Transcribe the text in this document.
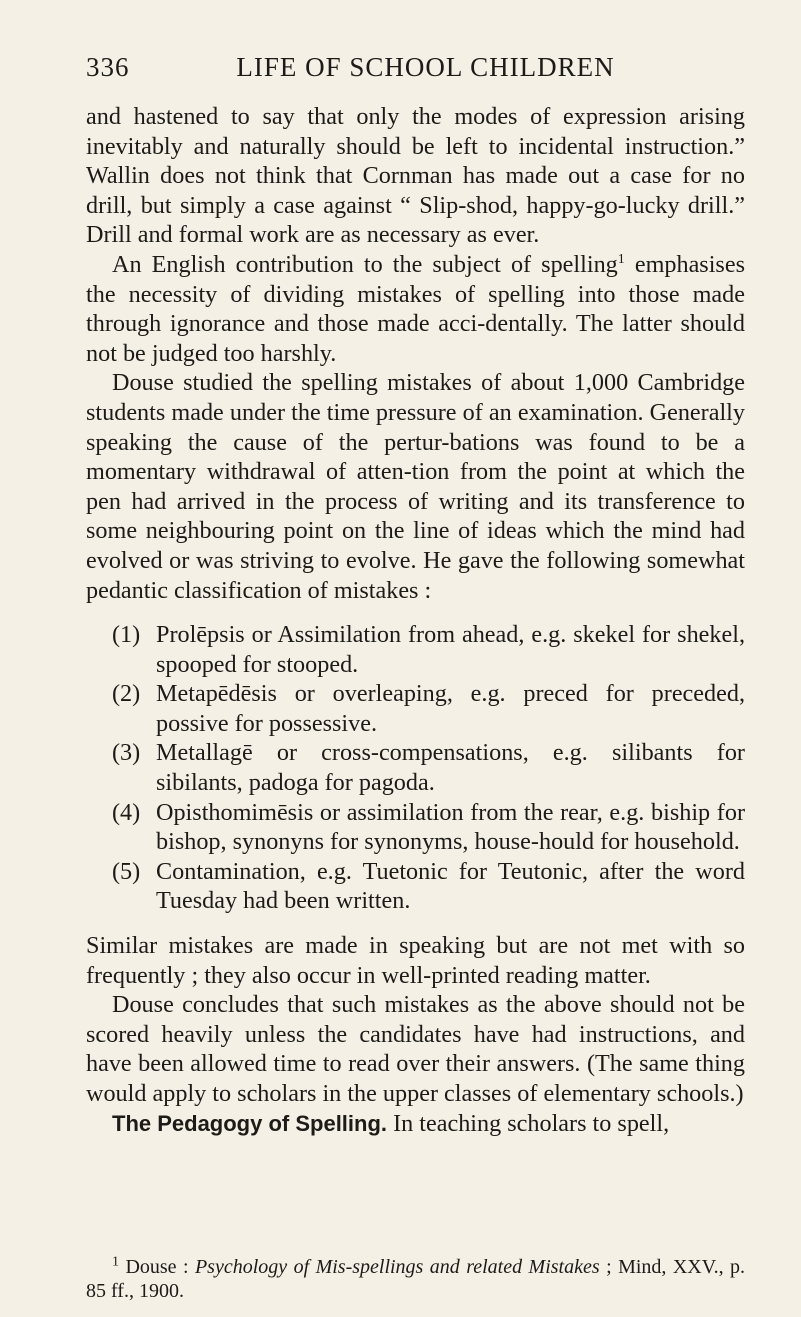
336	LIFE OF SCHOOL CHILDREN

and hastened to say that only the modes of expression arising inevitably and naturally should be left to incidental instruction.” Wallin does not think that Cornman has made out a case for no drill, but simply a case against “ Slip-shod, happy-go-lucky drill.” Drill and formal work are as necessary as ever.

An English contribution to the subject of spelling$^1$ emphasises the necessity of dividing mistakes of spelling into those made through ignorance and those made acci-dentally. The latter should not be judged too harshly.

Douse studied the spelling mistakes of about 1,000 Cambridge students made under the time pressure of an examination. Generally speaking the cause of the pertur-bations was found to be a momentary withdrawal of atten-tion from the point at which the pen had arrived in the process of writing and its transference to some neighbouring point on the line of ideas which the mind had evolved or was striving to evolve. He gave the following somewhat pedantic classification of mistakes :

(1) Prolēpsis or Assimilation from ahead, e.g. skekel for shekel, spooped for stooped.
(2) Metapēdēsis or overleaping, e.g. preced for preceded, possive for possessive.
(3) Metallagē or cross-compensations, e.g. silibants for sibilants, padoga for pagoda.
(4) Opisthomimēsis or assimilation from the rear, e.g. biship for bishop, synonyns for synonyms, house-hould for household.
(5) Contamination, e.g. Tuetonic for Teutonic, after the word Tuesday had been written.

Similar mistakes are made in speaking but are not met with so frequently ; they also occur in well-printed reading matter.

Douse concludes that such mistakes as the above should not be scored heavily unless the candidates have had instructions, and have been allowed time to read over their answers. (The same thing would apply to scholars in the upper classes of elementary schools.)

The Pedagogy of Spelling. In teaching scholars to spell,

$^1$ Douse : Psychology of Mis-spellings and related Mistakes ; Mind, XXV., p. 85 ff., 1900.
